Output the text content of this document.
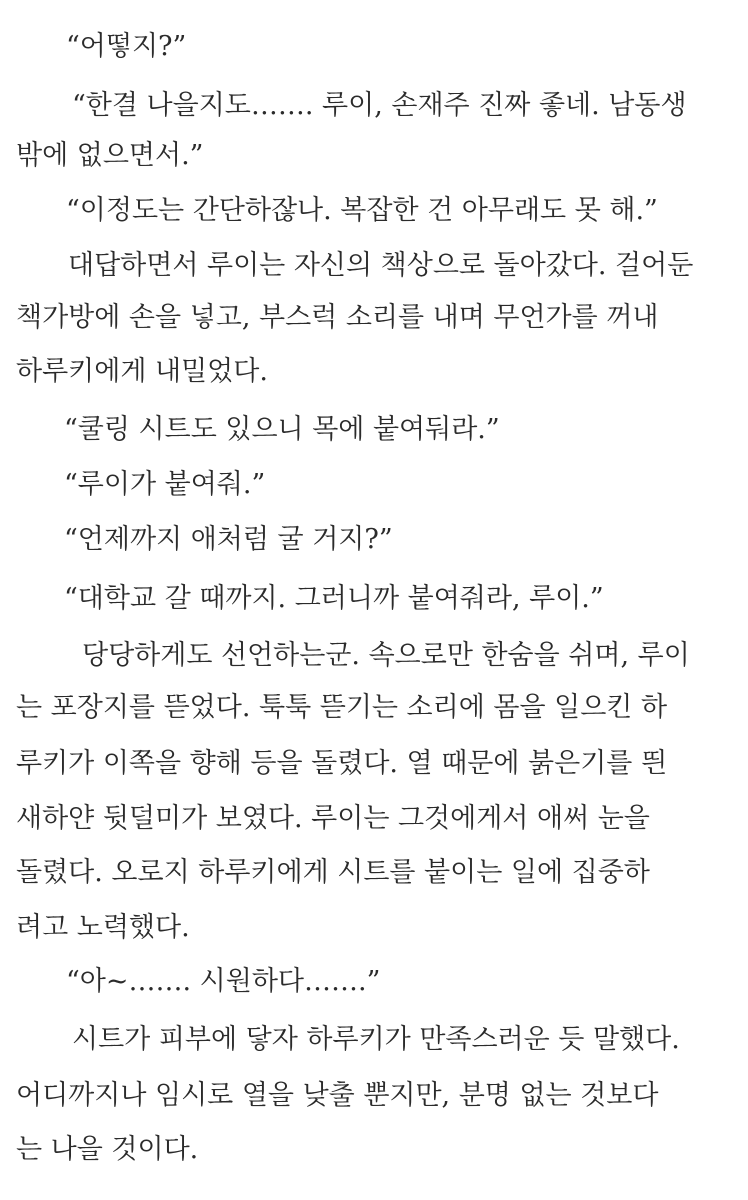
“어떻지?”
“한결 나을지도……. 루이, 손재주 진짜 좋네. 남동생
밖에 없으면서.”
“이정도는 간단하잖나. 복잡한 건 아무래도 못 해.”
대답하면서 루이는 자신의 책상으로 돌아갔다. 걸어둔
책가방에 손을 넣고, 부스럭 소리를 내며 무언가를 꺼내
하루키에게 내밀었다.
“쿨링 시트도 있으니 목에 붙여둬라.”
“루이가 붙여줘.”
“언제까지 애처럼 굴 거지?”
“대학교 갈 때까지. 그러니까 붙여줘라, 루이.”
당당하게도 선언하는군. 속으로만 한숨을 쉬며, 루이
는 포장지를 뜯었다. 툭툭 뜯기는 소리에 몸을 일으킨 하
루키가 이쪽을 향해 등을 돌렸다. 열 때문에 붉은기를 띈
새하얀 뒷덜미가 보였다. 루이는 그것에게서 애써 눈을
돌렸다. 오로지 하루키에게 시트를 붙이는 일에 집중하
려고 노력했다.
“아~……. 시원하다…….”
시트가 피부에 닿자 하루키가 만족스러운 듯 말했다.
어디까지나 임시로 열을 낮출 뿐지만, 분명 없는 것보다
는 나을 것이다.
